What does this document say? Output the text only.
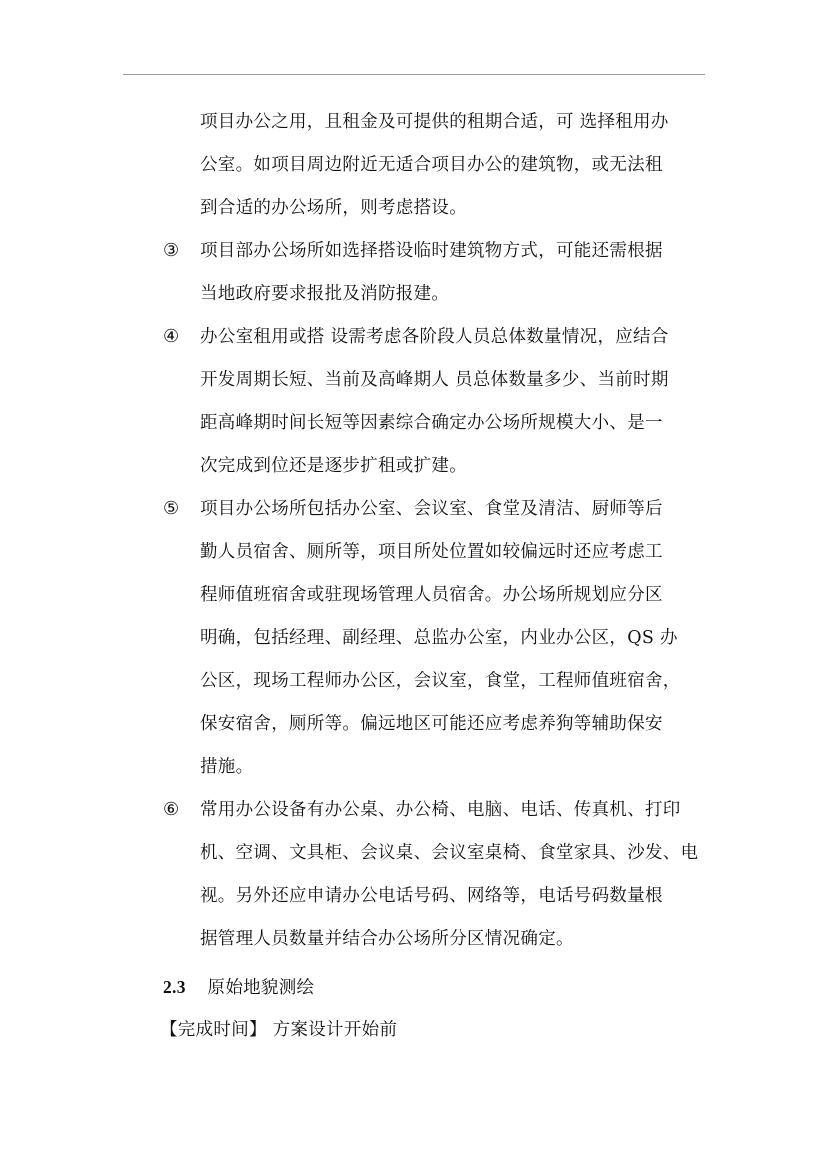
项目办公之用，且租金及可提供的租期合适，可 选择租用办
公室。如项目周边附近无适合项目办公的建筑物，或无法租
到合适的办公场所，则考虑搭设。
③ 项目部办公场所如选择搭设临时建筑物方式，可能还需根据
当地政府要求报批及消防报建。
④ 办公室租用或搭 设需考虑各阶段人员总体数量情况，应结合
开发周期长短、当前及高峰期人 员总体数量多少、当前时期
距高峰期时间长短等因素综合确定办公场所规模大小、是一
次完成到位还是逐步扩租或扩建。
⑤ 项目办公场所包括办公室、会议室、食堂及清洁、厨师等后
勤人员宿舍、厕所等，项目所处位置如较偏远时还应考虑工
程师值班宿舍或驻现场管理人员宿舍。办公场所规划应分区
明确，包括经理、副经理、总监办公室，内业办公区，QS 办
公区，现场工程师办公区，会议室，食堂，工程师值班宿舍，
保安宿舍，厕所等。偏远地区可能还应考虑养狗等辅助保安
措施。
⑥ 常用办公设备有办公桌、办公椅、电脑、电话、传真机、打印
机、空调、文具柜、会议桌、会议室桌椅、食堂家具、沙发、电
视。另外还应申请办公电话号码、网络等，电话号码数量根
据管理人员数量并结合办公场所分区情况确定。
2.3 原始地貌测绘
【完成时间】 方案设计开始前
